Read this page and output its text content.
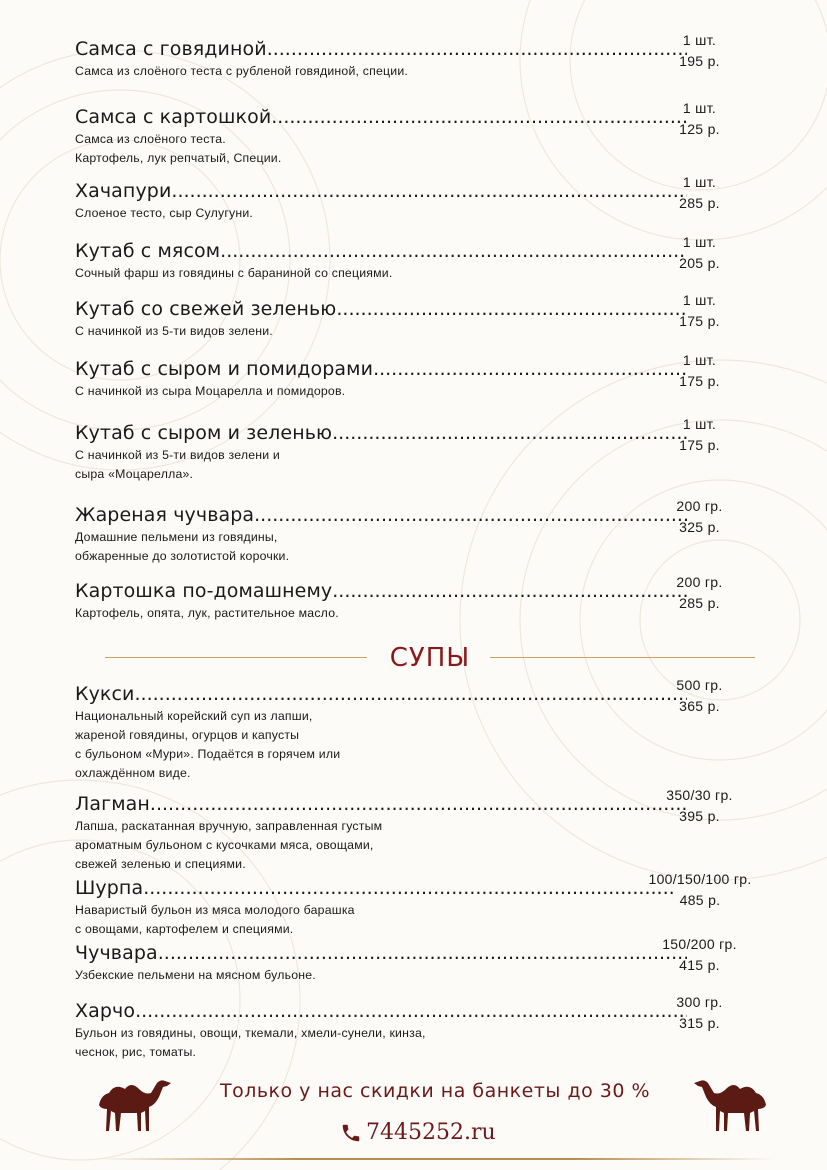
Самса с говядиной .....	1 шт.
195 р.
Самса из слоёного теста с рубленой говядиной, специи.
Самса с картошкой .....	1 шт.
125 р.
Самса из слоёного теста.
Картофель, лук репчатый, Специи.
Хачапури .....	1 шт.
285 р.
Слоеное тесто, сыр Сулугуни.
Кутаб с мясом .....	1 шт.
205 р.
Сочный фарш из говядины с бараниной со специями.
Кутаб со свежей зеленью .....	1 шт.
175 р.
С начинкой из 5-ти видов зелени.
Кутаб с сыром и помидорами .....	1 шт.
175 р.
С начинкой из сыра Моцарелла и помидоров.
Кутаб с сыром и зеленью .....	1 шт.
175 р.
С начинкой из 5-ти видов зелени и
сыра «Моцарелла».
Жареная чучвара .....	200 гр.
325 р.
Домашние пельмени из говядины,
обжаренные до золотистой корочки.
Картошка по-домашнему .....	200 гр.
285 р.
Картофель, опята, лук, растительное масло.
СУПЫ
Кукси .....	500 гр.
365 р.
Национальный корейский суп из лапши,
жареной говядины, огурцов и капусты
с бульоном «Мури». Подаётся в горячем или
охлаждённом виде.
Лагман .....	350/30 гр.
395 р.
Лапша, раскатанная вручную, заправленная густым
ароматным бульоном с кусочками мяса, овощами,
свежей зеленью и специями.
Шурпа .....	100/150/100 гр.
485 р.
Наваристый бульон из мяса молодого барашка
с овощами, картофелем и специями.
Чучвара .....	150/200 гр.
415 р.
Узбекские пельмени на мясном бульоне.
Харчо .....	300 гр.
315 р.
Бульон из говядины, овощи, ткемали, хмели-сунели, кинза,
чеснок, рис, томаты.
Только у нас скидки на банкеты до 30 %
7445252.ru
